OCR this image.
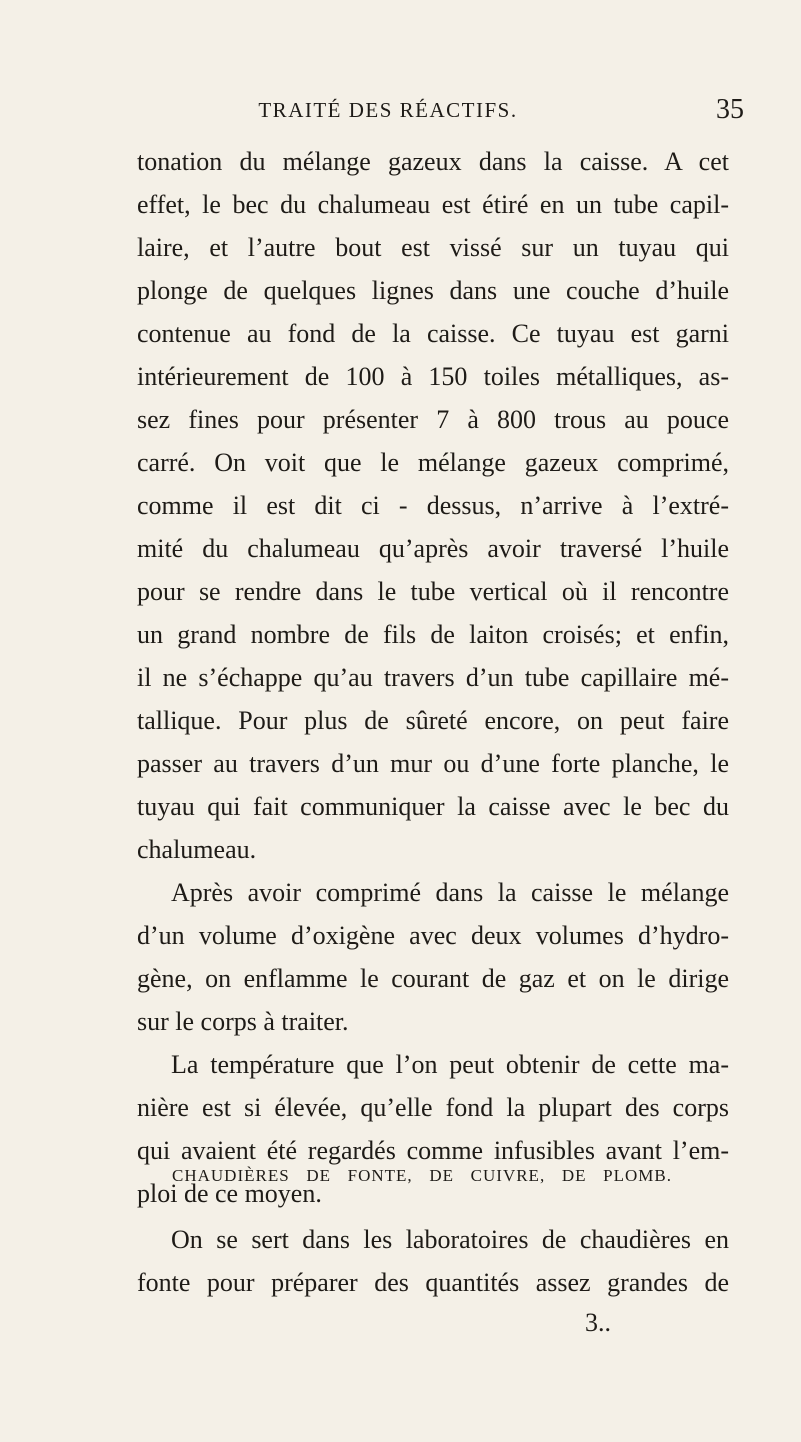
TRAITÉ DES RÉACTIFS.	35
tonation du mélange gazeux dans la caisse. A cet
effet, le bec du chalumeau est étiré en un tube capil-
laire, et l’autre bout est vissé sur un tuyau qui
plonge de quelques lignes dans une couche d’huile
contenue au fond de la caisse. Ce tuyau est garni
intérieurement de 100 à 150 toiles métalliques, as-
sez fines pour présenter 7 à 800 trous au pouce
carré. On voit que le mélange gazeux comprimé,
comme il est dit ci - dessus, n’arrive à l’extré-
mité du chalumeau qu’après avoir traversé l’huile
pour se rendre dans le tube vertical où il rencontre
un grand nombre de fils de laiton croisés; et enfin,
il ne s’échappe qu’au travers d’un tube capillaire mé-
tallique. Pour plus de sûreté encore, on peut faire
passer au travers d’un mur ou d’une forte planche, le
tuyau qui fait communiquer la caisse avec le bec du
chalumeau.
Après avoir comprimé dans la caisse le mélange
d’un volume d’oxigène avec deux volumes d’hydro-
gène, on enflamme le courant de gaz et on le dirige
sur le corps à traiter.
La température que l’on peut obtenir de cette ma-
nière est si élevée, qu’elle fond la plupart des corps
qui avaient été regardés comme infusibles avant l’em-
ploi de ce moyen.
CHAUDIÈRES DE FONTE, DE CUIVRE, DE PLOMB.
On se sert dans les laboratoires de chaudières en
fonte pour préparer des quantités assez grandes de
3..
